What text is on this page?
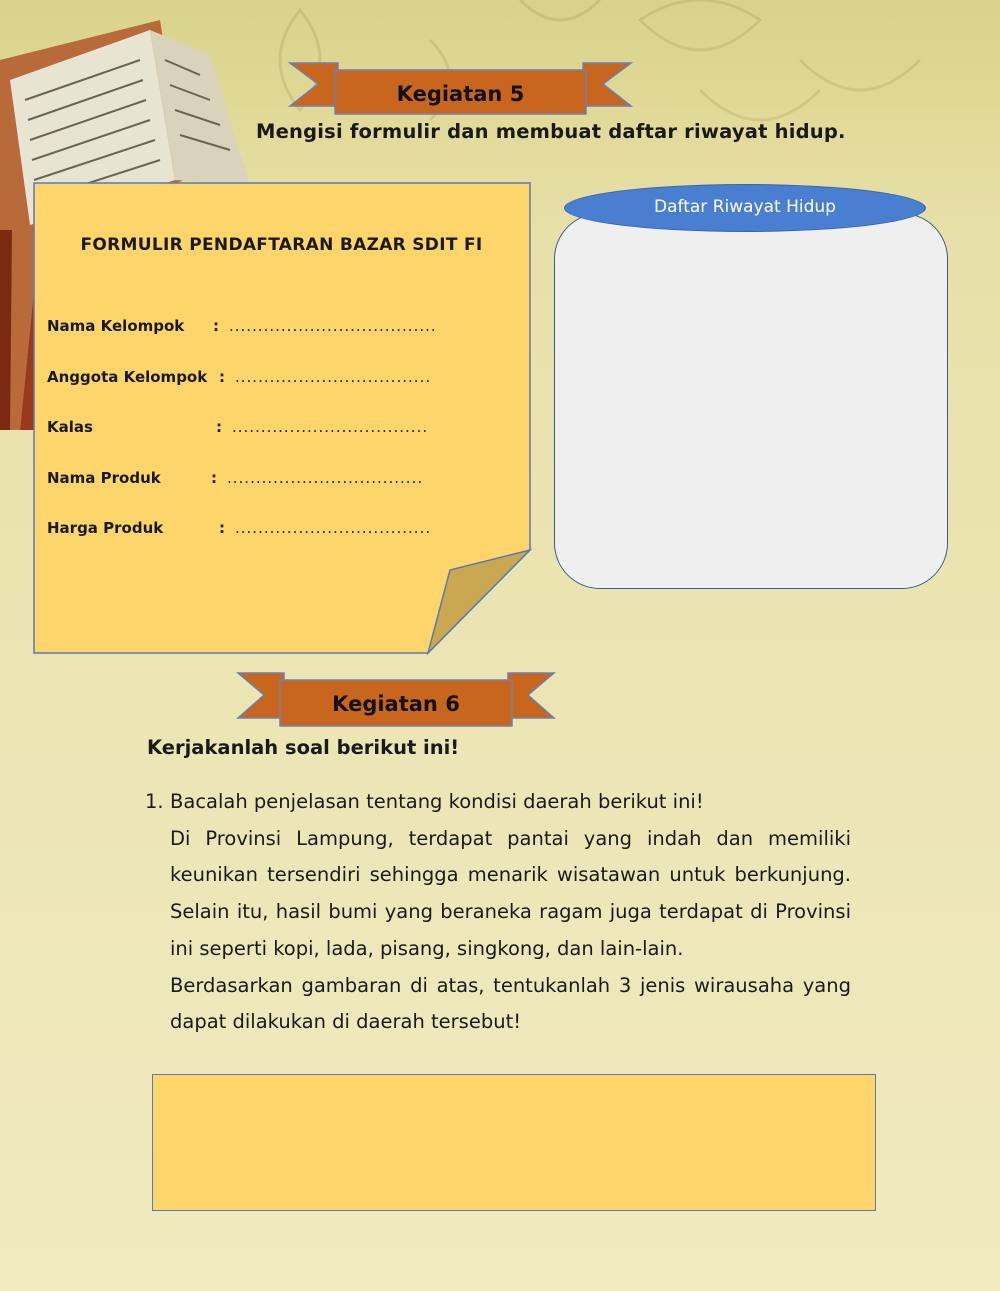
Kegiatan 5
Mengisi formulir dan membuat daftar riwayat hidup.
FORMULIR PENDAFTARAN BAZAR SDIT FI
Nama Kelompok : ....................................
Anggota Kelompok : ..................................
Kalas	: ..................................
Nama Produk	: ..................................
Harga Produk	: ..................................
Daftar Riwayat Hidup
Kegiatan 6
Kerjakanlah soal berikut ini!
1. Bacalah penjelasan tentang kondisi daerah berikut ini!

Di Provinsi Lampung, terdapat pantai yang indah dan memiliki keunikan tersendiri sehingga menarik wisatawan untuk berkunjung. Selain itu, hasil bumi yang beraneka ragam juga terdapat di Provinsi ini seperti kopi, lada, pisang, singkong, dan lain-lain.

Berdasarkan gambaran di atas, tentukanlah 3 jenis wirausaha yang dapat dilakukan di daerah tersebut!
